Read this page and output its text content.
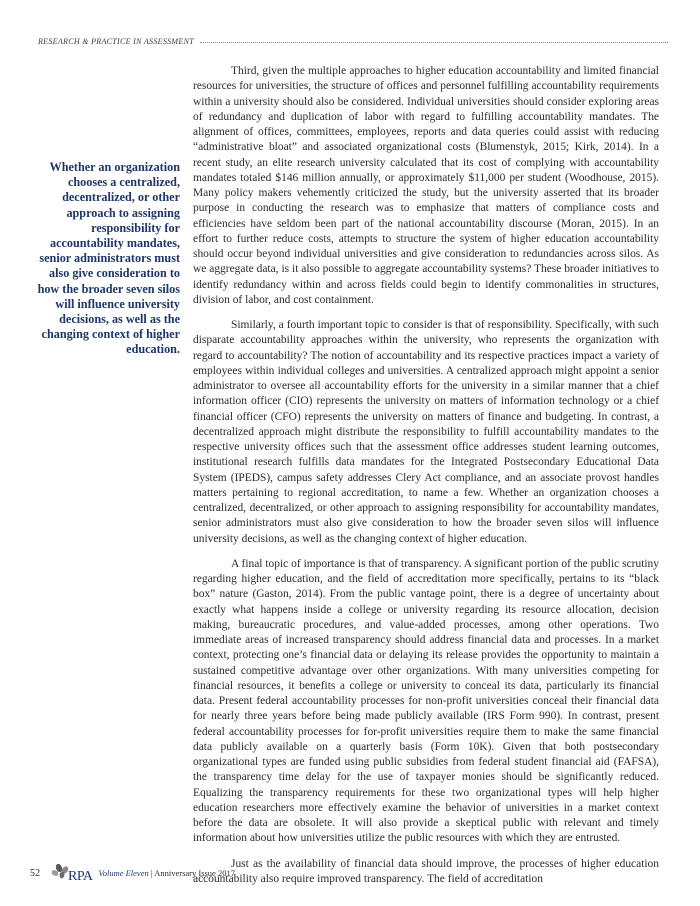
RESEARCH & PRACTICE IN ASSESSMENT
Whether an organization chooses a centralized, decentralized, or other approach to assigning responsibility for accountability mandates, senior administrators must also give consideration to how the broader seven silos will influence university decisions, as well as the changing context of higher education.

Third, given the multiple approaches to higher education accountability and limited financial resources for universities, the structure of offices and personnel fulfilling accountability requirements within a university should also be considered. Individual universities should consider exploring areas of redundancy and duplication of labor with regard to fulfilling accountability mandates. The alignment of offices, committees, employees, reports and data queries could assist with reducing “administrative bloat” and associated organizational costs (Blumenstyk, 2015; Kirk, 2014). In a recent study, an elite research university calculated that its cost of complying with accountability mandates totaled $146 million annually, or approximately $11,000 per student (Woodhouse, 2015). Many policy makers vehemently criticized the study, but the university asserted that its broader purpose in conducting the research was to emphasize that matters of compliance costs and efficiencies have seldom been part of the national accountability discourse (Moran, 2015). In an effort to further reduce costs, attempts to structure the system of higher education accountability should occur beyond individual universities and give consideration to redundancies across silos. As we aggregate data, is it also possible to aggregate accountability systems? These broader initiatives to identify redundancy within and across fields could begin to identify commonalities in structures, division of labor, and cost containment.

Similarly, a fourth important topic to consider is that of responsibility. Specifically, with such disparate accountability approaches within the university, who represents the organization with regard to accountability? The notion of accountability and its respective practices impact a variety of employees within individual colleges and universities. A centralized approach might appoint a senior administrator to oversee all accountability efforts for the university in a similar manner that a chief information officer (CIO) represents the university on matters of information technology or a chief financial officer (CFO) represents the university on matters of finance and budgeting. In contrast, a decentralized approach might distribute the responsibility to fulfill accountability mandates to the respective university offices such that the assessment office addresses student learning outcomes, institutional research fulfills data mandates for the Integrated Postsecondary Educational Data System (IPEDS), campus safety addresses Clery Act compliance, and an associate provost handles matters pertaining to regional accreditation, to name a few. Whether an organization chooses a centralized, decentralized, or other approach to assigning responsibility for accountability mandates, senior administrators must also give consideration to how the broader seven silos will influence university decisions, as well as the changing context of higher education.

A final topic of importance is that of transparency. A significant portion of the public scrutiny regarding higher education, and the field of accreditation more specifically, pertains to its “black box” nature (Gaston, 2014). From the public vantage point, there is a degree of uncertainty about exactly what happens inside a college or university regarding its resource allocation, decision making, bureaucratic procedures, and value-added processes, among other operations. Two immediate areas of increased transparency should address financial data and processes. In a market context, protecting one’s financial data or delaying its release provides the opportunity to maintain a sustained competitive advantage over other organizations. With many universities competing for financial resources, it benefits a college or university to conceal its data, particularly its financial data. Present federal accountability processes for non-profit universities conceal their financial data for nearly three years before being made publicly available (IRS Form 990). In contrast, present federal accountability processes for for-profit universities require them to make the same financial data publicly available on a quarterly basis (Form 10K). Given that both postsecondary organizational types are funded using public subsidies from federal student financial aid (FAFSA), the transparency time delay for the use of taxpayer monies should be significantly reduced. Equalizing the transparency requirements for these two organizational types will help higher education researchers more effectively examine the behavior of universities in a market context before the data are obsolete. It will also provide a skeptical public with relevant and timely information about how universities utilize the public resources with which they are entrusted.

Just as the availability of financial data should improve, the processes of higher education accountability also require improved transparency. The field of accreditation

52 RPA Volume Eleven | Anniversary Issue 2017
